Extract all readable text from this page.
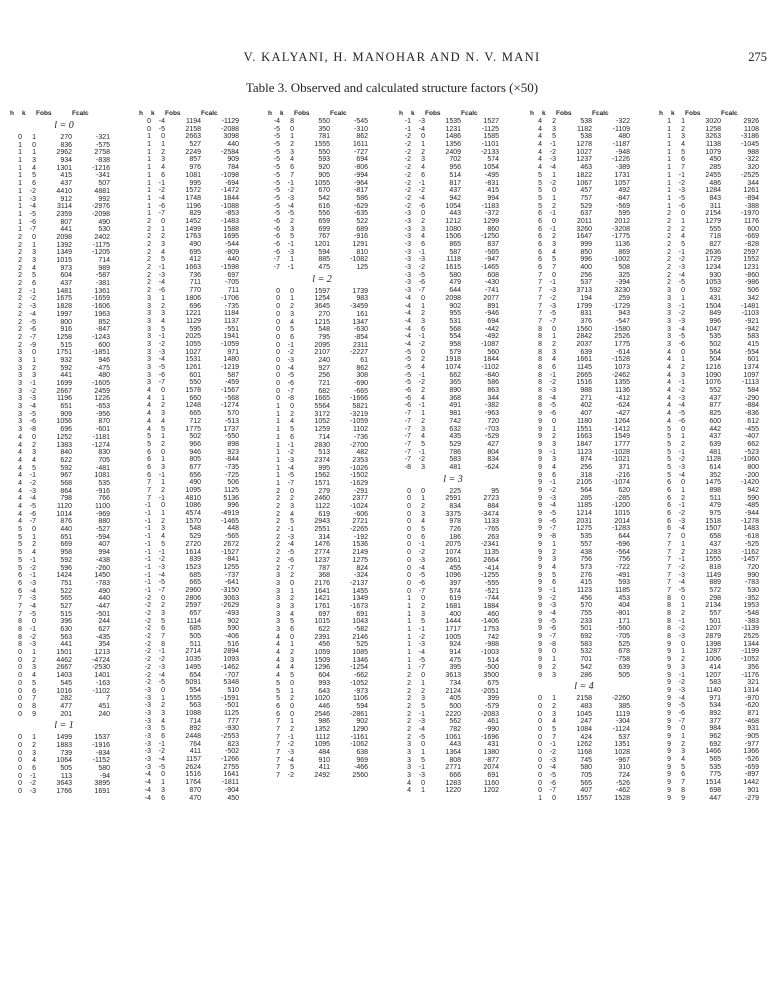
V. KALYANI, H. MANOHAR AND N. V. MANI	275
Table 3. Observed and calculated structure factors (×50)
h	k	Fobs	Fcalc
l = 0
0	1	270	-321
1	0	836	-575
1	1	2962	2758
1	3	934	-838
1	4	1301	-1216
1	5	415	-341
1	6	437	507
1	-2	4410	4881
1	-3	912	992
1	-4	3114	-2976
1	-5	2359	-2098
1	-6	807	490
1	-7	441	530
2	0	2098	2402
2	1	1392	-1175
2	3	1349	-1205
2	3	1015	714
2	4	973	989
2	5	604	-587
2	6	437	-381
2	-1	1481	1361
2	-2	1675	-1659
2	-3	1828	-1606
2	-4	1997	1963
2	-5	800	852
2	-6	916	-847
2	-7	1258	-1243
2	-9	515	600
3	0	1751	-1851
3	1	932	946
3	2	592	-475
3	3	441	480
3	-1	1699	-1605
3	-2	2667	2459
3	-3	1196	1226
3	-4	651	-653
3	-5	909	-956
3	-6	1056	870
3	-8	696	-601
4	0	1252	-1181
4	2	1383	-1274
4	3	840	830
4	4	622	705
4	5	592	-481
4	-1	967	1081
4	-2	568	535
4	-3	864	-916
4	-4	798	766
4	-5	1120	1100
4	-6	1014	-969
4	-7	876	880
5	0	440	-527
5	1	651	-594
5	2	669	407
5	4	958	994
5	-1	592	-438
5	-2	596	-260
6	-1	1424	1450
6	-3	751	-783
6	-4	522	490
7	-3	565	440
7	-4	527	-447
7	-5	515	-501
8	0	396	244
8	-1	630	627
8	-2	563	-435
8	-3	441	354
0	1	1501	1213
0	2	4462	-4724
0	3	2667	-2530
0	4	1403	1401
0	5	545	-163
0	6	1016	-1102
0	7	282	7
0	8	477	451
0	9	201	240
l = 1
0	1	1499	1537
0	2	1883	-1916
0	3	739	-834
0	4	1064	-1152
0	6	505	580
0	-1	113	-94
0	-2	3643	3895
0	-3	1766	1691
h	k	Fobs	Fcalc
0	-4	1194	-1129
0	-5	2158	-2088
1	0	2663	3098
1	1	527	440
1	2	2249	-2584
1	3	857	909
1	4	976	784
1	6	1081	-1098
1	-1	995	-694
1	-2	1572	-1472
1	-4	1748	1844
1	-6	1196	-1088
1	-7	829	-853
2	0	1452	-1483
2	1	1499	1588
2	2	1763	1695
2	3	490	-544
2	4	695	-809
2	5	412	440
2	-1	1663	-1598
2	-3	736	697
2	-4	711	-705
2	-6	770	711
3	1	1806	-1706
3	2	696	-735
3	3	1221	1184
3	4	1129	1137
3	5	595	-551
3	-1	2025	1941
3	-2	1055	-1059
3	-3	1027	971
3	-4	1531	1480
3	-5	1261	-1219
3	-6	601	587
3	-7	550	-459
4	0	1578	-1567
4	1	660	-568
4	2	1248	-1274
4	3	665	570
4	4	712	-513
4	5	1775	1737
5	1	502	-550
5	2	966	898
6	0	946	923
6	1	805	-844
6	3	677	-735
6	-1	656	-725
7	1	490	506
7	2	1095	1125
7	-1	4810	5136
-1	0	1086	996
-1	1	4574	-4919
-1	2	1570	-1465
-1	3	548	448
-1	4	529	-565
-1	5	2720	2672
-1	-1	1614	-1527
-1	-2	839	-841
-1	-3	1523	1255
-1	-4	685	-737
-1	-5	665	-641
-1	-7	2960	-3150
-2	0	2806	3063
-2	2	2597	-2629
-2	3	657	-493
-2	5	1114	902
-2	6	685	590
-2	7	505	-406
-2	8	511	516
-2	-1	2714	2894
-2	-2	1035	1093
-2	-3	1495	-1462
-2	-4	654	-707
-2	-5	5091	5348
-3	0	554	510
-3	1	1555	-1591
-3	2	563	-501
-3	3	1088	1125
-3	4	714	777
-3	5	892	-930
-3	6	2448	-2553
-3	-1	764	823
-3	-2	411	-502
-3	-4	1157	-1266
-3	-5	2624	2755
-4	0	1516	1641
-4	1	1764	-1811
-4	3	870	-904
-4	6	470	450
h	k	Fobs	Fcalc
-4	8	550	-545
-5	0	350	-310
-5	1	781	862
-5	2	1555	1611
-5	3	550	-727
-5	4	593	694
-5	6	920	-806
-5	7	905	-994
-5	-1	1055	-964
-5	-2	670	-817
-5	-3	542	586
-5	-4	616	-629
-5	-5	556	-635
-6	2	659	522
-6	3	699	689
-6	5	767	-916
-6	-1	1201	1291
-6	-3	594	810
-7	1	885	-1082
-7	-1	475	125
l = 2
0	0	1597	1739
0	1	1254	983
0	2	3645	-3459
0	3	270	161
0	4	1215	1347
0	5	548	-630
0	6	795	-854
0	-1	2095	2311
0	-2	2107	-2227
0	-3	240	61
0	-4	927	862
0	-5	256	308
0	-6	721	-690
0	-7	682	-665
0	-8	1665	-1666
1	0	5564	5821
1	2	3172	-3219
1	4	1052	-1059
1	5	1259	1102
1	6	714	-736
1	-1	2830	-2700
1	-2	513	482
1	-3	2374	2353
1	-4	995	-1026
1	-5	1562	-1502
1	-7	1571	-1629
2	0	279	-291
2	2	2460	2377
2	3	1122	-1024
2	4	619	-606
2	5	2943	2721
2	-1	2551	-2265
2	-3	314	-192
2	-4	1476	1536
2	-5	2774	2149
2	-6	1237	1275
2	-7	787	824
3	2	368	-324
3	0	2176	-2137
3	1	1641	1455
3	2	1421	1349
3	3	1761	-1673
3	4	697	691
3	5	1015	1043
3	6	622	-582
4	0	2391	2146
4	1	456	525
4	2	1059	1085
4	3	1509	1346
4	4	1296	-1254
4	5	604	-662
5	0	993	-1052
5	1	643	-973
5	2	1020	1106
6	0	446	594
6	0	2546	-2861
7	1	986	902
7	2	1352	1290
7	-1	1112	-1161
7	-2	1095	-1062
7	-3	484	638
7	-4	910	969
7	5	411	-466
7	-2	2492	2560
h	k	Fobs	Fcalc
-1	-3	1535	1527
-1	-4	1231	-1125
-2	0	1486	1585
-2	1	1356	-1101
-2	2	2409	-2133
-2	3	702	574
-2	4	956	1054
-2	6	514	-495
-2	-1	817	-831
-2	-2	437	415
-2	-4	942	994
-2	-6	1054	-1183
-3	0	443	-372
-3	2	1212	1299
-3	3	1080	860
-3	4	1506	-1250
-3	6	865	837
-3	-1	587	-565
-3	-3	1118	-947
-3	-2	1615	-1465
-3	-5	580	608
-3	-6	479	-430
-3	-7	644	-741
-4	0	2098	2077
-4	1	902	891
-4	2	955	-946
-4	3	531	694
-4	6	568	-442
-4	-1	554	-492
-4	-2	958	-1087
-5	0	579	560
-5	2	1918	1844
-5	4	1074	-1102
-5	-1	662	-840
-5	-2	365	586
-6	2	890	863
-6	4	368	344
-6	-1	491	-382
-7	1	981	-963
-7	2	742	720
-7	3	632	-703
-7	4	435	-529
-7	5	529	427
-7	-1	786	804
-7	-2	583	834
-8	3	481	-624
l = 3
0	0	225	95
0	1	2591	2723
0	2	834	884
0	3	3375	-3474
0	4	978	1133
0	5	726	-765
0	6	186	263
0	-1	2075	-2341
0	-2	1074	1135
0	-3	2661	2664
0	-4	455	-414
0	-5	1096	-1255
0	-6	397	-555
0	-7	574	-521
1	0	619	-744
1	2	1681	1884
1	3	400	460
1	5	1444	-1406
1	-1	1717	1753
1	-2	1005	742
1	-3	924	-988
1	-4	914	-1003
1	-5	475	514
1	-7	395	-500
2	0	3613	3500
2	1	734	675
2	2	2124	-2051
2	3	405	399
2	5	500	-579
2	-1	2220	-2083
2	-3	562	461
2	-4	782	-990
2	-5	1061	-1696
3	0	443	431
3	1	1364	1380
3	5	808	-877
3	-1	2771	2074
3	-3	666	691
4	0	1283	1160
4	1	1220	1202
h	k	Fobs	Fcalc
4	2	538	-322
4	3	1182	-1109
4	5	538	480
4	-1	1278	-1187
4	-2	1027	-948
4	-3	1237	-1226
4	-4	463	-389
5	1	1822	1731
5	-2	1067	1057
5	0	457	492
5	1	757	-847
5	2	529	-569
6	-1	637	595
6	0	2011	2012
6	-1	3260	-3208
6	2	1647	-1775
6	3	999	1136
6	4	850	869
6	5	996	-1002
6	7	400	508
7	0	256	325
7	-1	537	-394
7	-3	3713	3230
7	-2	194	259
7	-3	1799	-1729
7	-5	831	943
7	-7	376	-547
8	0	1560	-1580
8	1	2842	2526
8	2	2037	1775
8	3	639	-614
8	4	1661	-1528
8	6	1145	1073
8	-1	2665	-2462
8	-2	1516	1355
8	-3	988	1136
8	-4	271	-412
8	-5	402	-624
9	-6	407	-427
9	0	1180	1264
9	1	1551	-1412
9	2	1663	1549
9	3	1847	1777
9	-1	1123	-1028
9	3	874	-1021
9	4	256	371
9	6	318	-216
9	-1	2105	-1074
9	-2	564	620
9	-3	285	-285
9	-4	1185	-1200
9	-5	1214	1015
9	-6	2031	2014
9	-7	1275	-1283
9	-8	535	644
9	1	557	-696
9	2	438	-564
9	3	756	756
9	4	573	-722
9	5	276	-491
9	6	415	593
9	-1	1123	1185
9	-2	456	453
9	-3	570	404
9	-4	755	-801
9	-5	233	171
9	-6	501	-560
9	-7	692	-705
9	-8	583	525
9	0	532	678
9	1	701	-758
9	2	542	639
9	3	286	505
l = 4
0	1	2158	-2260
0	2	483	385
0	3	1045	1119
0	4	247	-304
0	5	1084	-1124
0	7	424	537
0	-1	1262	1351
0	-2	1168	1028
0	-3	745	-967
0	-4	580	310
0	-5	705	724
0	-6	565	-526
0	-7	407	-462
1	0	1557	1528
h	k	Fobs	Fcalc
1	1	3020	2926
1	2	1258	1108
1	3	3263	-3186
1	4	1138	-1045
1	5	1079	988
1	6	450	-322
1	7	285	320
1	-1	2455	-2525
1	-2	486	344
1	-3	1284	1261
1	-5	843	-894
1	-6	311	-388
2	0	2154	-1970
2	1	1279	1176
2	2	555	600
2	4	718	-669
2	5	827	-828
2	-1	2636	2597
2	-2	1729	1552
2	-3	1234	1231
2	-4	930	-860
2	-5	1053	-986
3	0	592	506
3	1	431	342
3	-1	1504	-1481
3	-2	849	-1103
3	-3	996	-921
3	-4	1047	-942
3	-5	535	583
3	-6	502	415
4	0	564	-554
4	1	504	601
4	2	1216	1374
4	3	1090	1097
4	-1	1076	-1113
4	-2	552	584
4	-3	437	-290
4	-4	877	-884
4	-5	825	-836
4	-6	600	612
5	0	442	-455
5	1	437	-407
5	2	639	662
5	-1	481	-523
5	-2	1128	-1060
5	-3	614	800
5	-4	352	-200
6	0	1475	-1420
6	1	898	942
6	2	511	590
6	-1	479	-485
6	-2	975	-944
6	-3	1518	-1278
6	-4	1507	1483
7	0	658	-618
7	1	437	-525
7	2	1283	-1162
7	-1	1555	-1457
7	-2	818	720
7	-3	1149	990
7	-4	889	-783
7	-5	572	530
8	0	298	-352
8	1	2134	1953
8	2	557	-548
8	-1	501	-383
8	-2	1207	-1139
8	-3	2879	2525
9	0	1398	1344
9	1	1287	-1199
9	2	1006	-1052
9	3	414	356
9	-1	1207	-1176
9	-2	583	321
9	-3	1140	1314
9	-4	971	-970
9	-5	534	-620
9	-6	892	871
9	-7	377	-468
9	0	984	931
9	1	962	-905
9	2	692	-977
9	3	1466	1366
9	4	565	-526
9	5	535	-659
9	6	775	-897
9	7	1514	1442
9	8	698	901
9	9	447	-279
